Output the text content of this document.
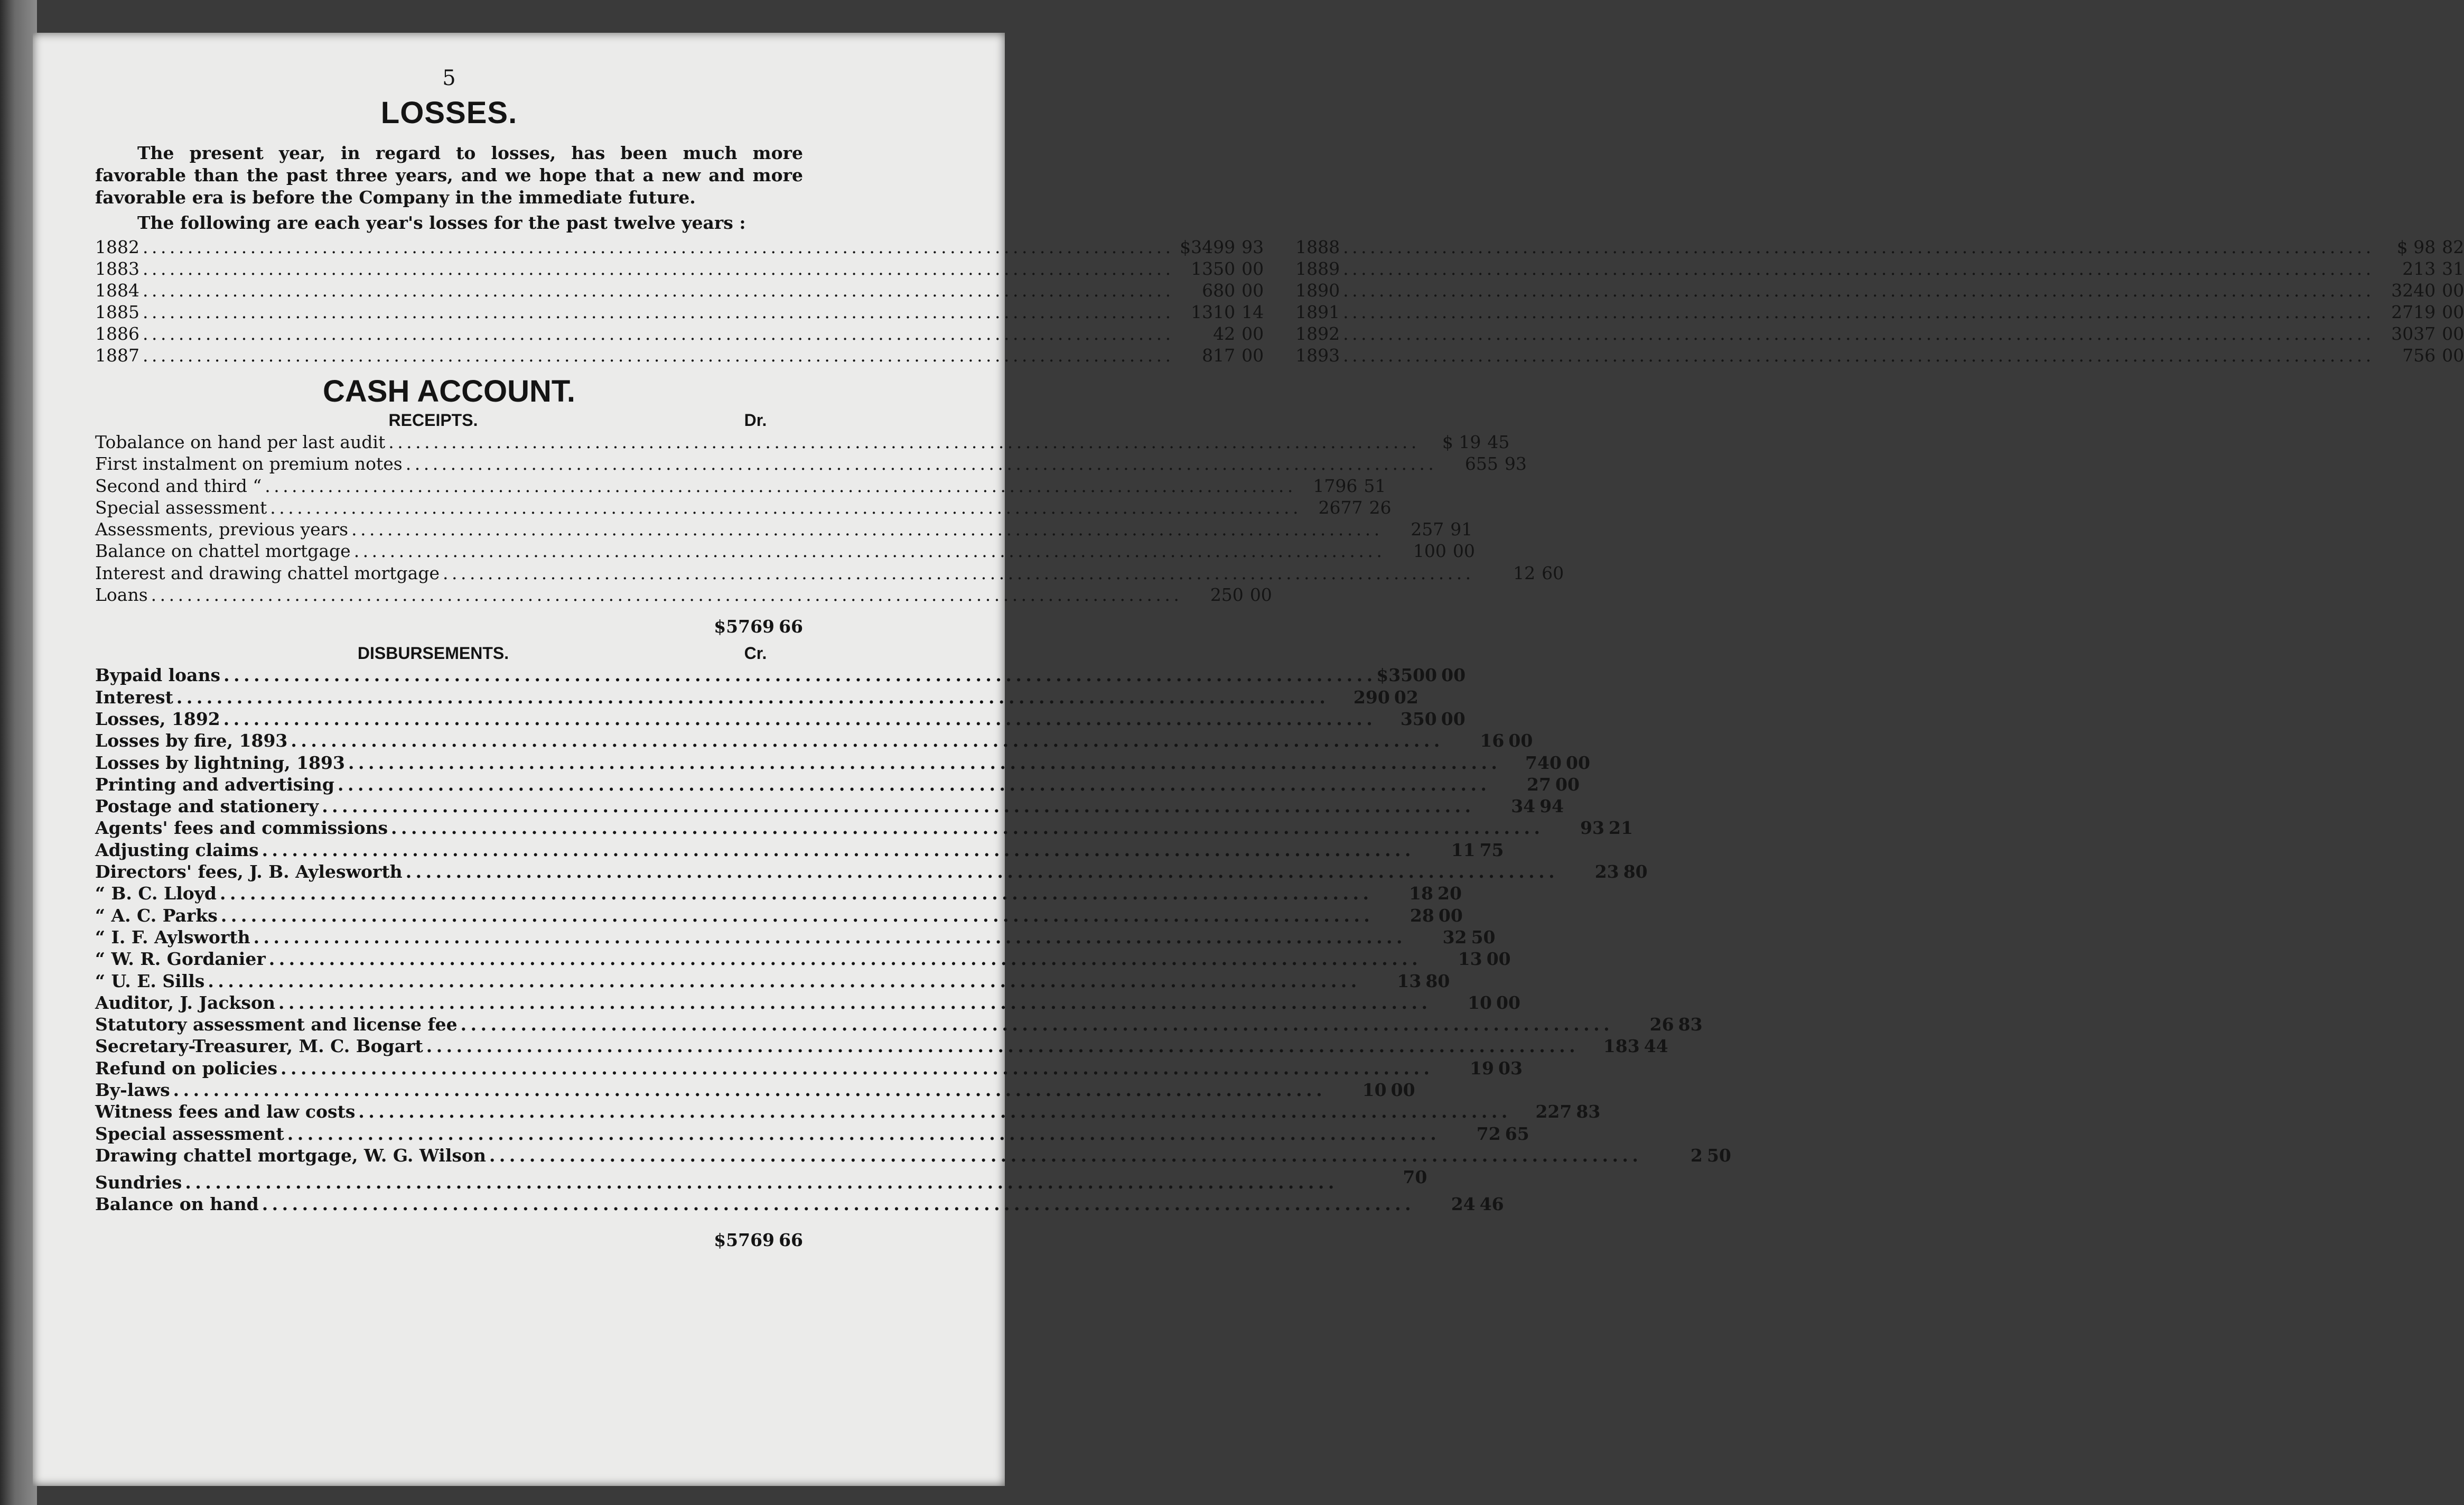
5

LOSSES.

The present year, in regard to losses, has been much more favorable than the past three years, and we hope that a new and more favorable era is before the Company in the immediate future.

The following are each year's losses for the past twelve years :

1882 . . .	$3499 93
1883 . . .	1350 00
1884 . . .	680 00
1885 . . .	1310 14
1886 . . .	42 00
1887 . . .	817 00
1888 . . .	$ 98 82
1889 . . .	213 31
1890 . . .	3240 00
1891 . . .	2719 00
1892 . . .	3037 00
1893 . . .	756 00
CASH ACCOUNT.
RECEIPTS.	Dr.
To balance on hand per last audit . . .	$ 19 45
First instalment on premium notes . . .	655 93
Second and third “ . . .	1796 51
Special assessment . . .	2677 26
Assessments, previous years . . .	257 91
Balance on chattel mortgage . . .	100 00
Interest and drawing chattel mortgage . . .	12 60
Loans . . .	250 00
$5769 66
DISBURSEMENTS.	Cr.
By paid loans . . .	$3500 00
Interest . . .	290 02
Losses, 1892 . . .	350 00
Losses by fire, 1893 . . .	16 00
Losses by lightning, 1893 . . .	740 00
Printing and advertising . . .	27 00
Postage and stationery . . .	34 94
Agents' fees and commissions . . .	93 21
Adjusting claims . . .	11 75
Directors' fees, J. B. Aylesworth . . .	23 80
“ B. C. Lloyd . . .	18 20
“ A. C. Parks . . .	28 00
“ I. F. Aylsworth . . .	32 50
“ W. R. Gordanier . . .	13 00
“ U. E. Sills . . .	13 80
Auditor, J. Jackson . . .	10 00
Statutory assessment and license fee . . .	26 83
Secretary-Treasurer, M. C. Bogart . . .	183 44
Refund on policies . . .	19 03
By-laws . . .	10 00
Witness fees and law costs . . .	227 83
Special assessment . . .	72 65
Drawing chattel mortgage, W. G. Wilson . . .	2 50
Sundries . . .	70
Balance on hand . . .	24 46
$5769 66
